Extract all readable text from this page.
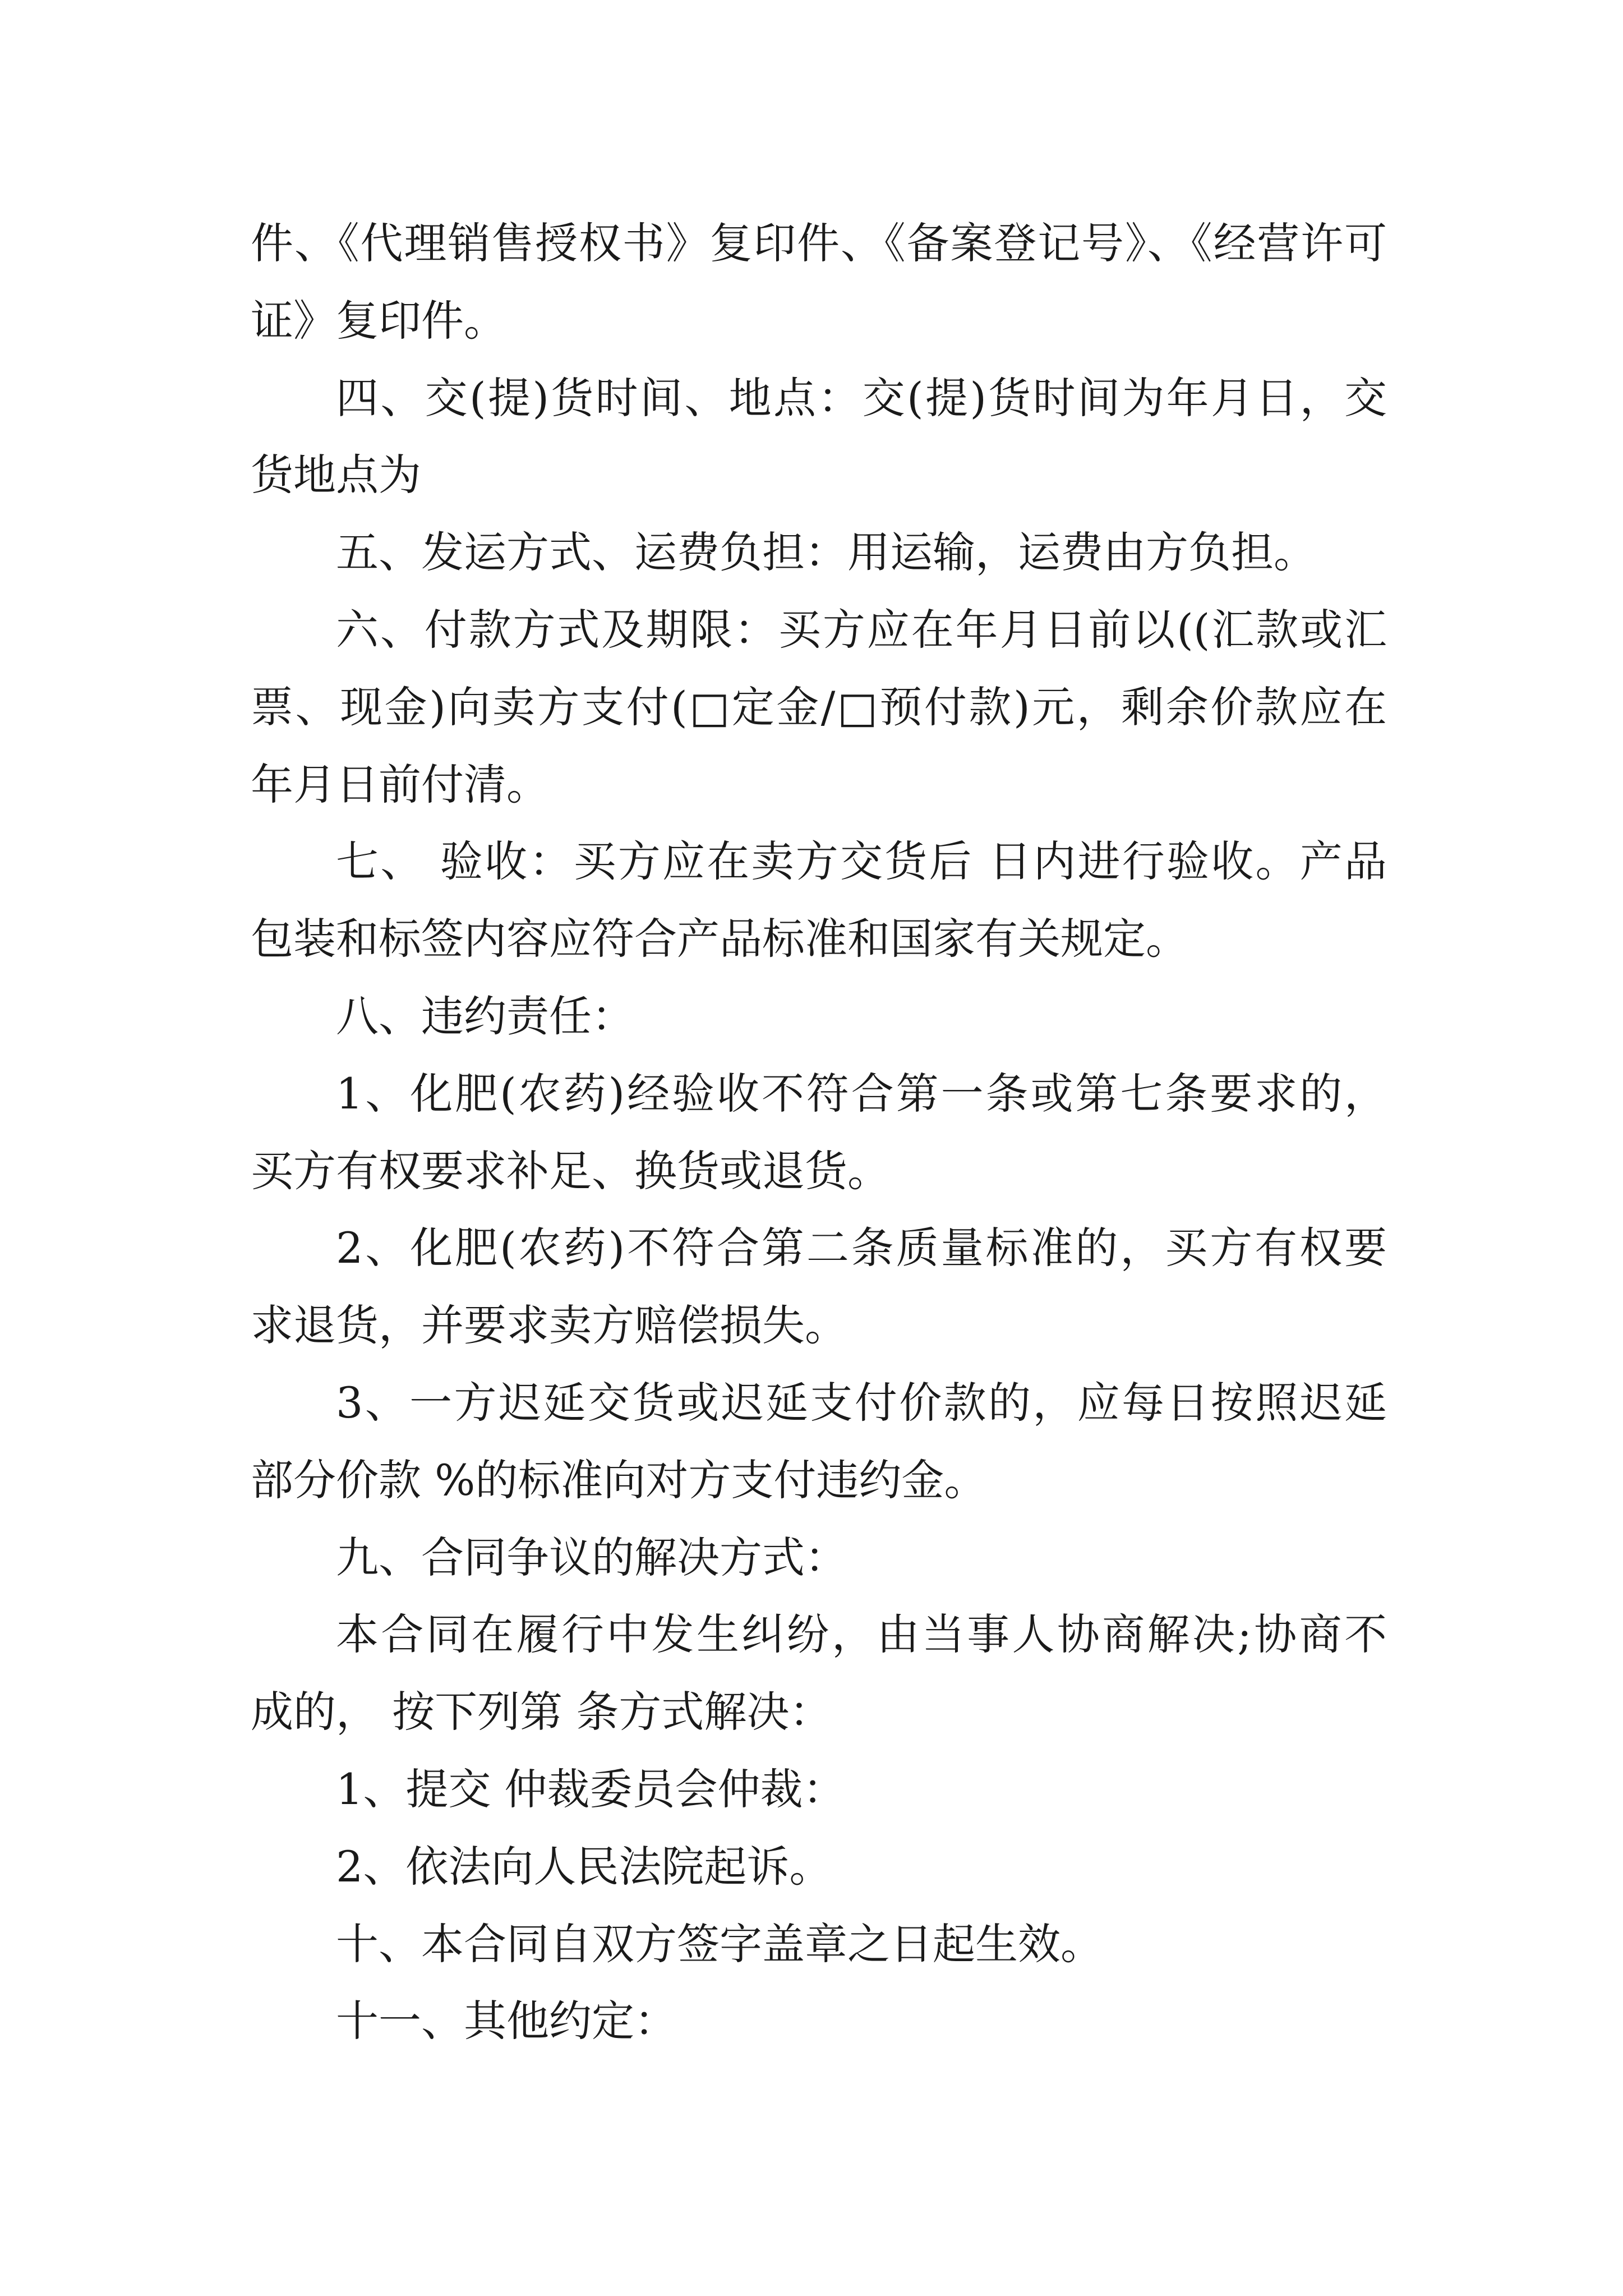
件、《代理销售授权书》复印件、《备案登记号》、《经营许可
证》复印件。
四、交(提)货时间、地点：交(提)货时间为年月日，交
货地点为
五、发运方式、运费负担：用运输，运费由方负担。
六、付款方式及期限：买方应在年月日前以((汇款或汇
票、现金)向卖方支付(□定金/□预付款)元，剩余价款应在
年月日前付清。
七、 验收：买方应在卖方交货后 日内进行验收。产品
包装和标签内容应符合产品标准和国家有关规定。
八、违约责任：
1、化肥(农药)经验收不符合第一条或第七条要求的，
买方有权要求补足、换货或退货。
2、化肥(农药)不符合第二条质量标准的，买方有权要
求退货，并要求卖方赔偿损失。
3、一方迟延交货或迟延支付价款的，应每日按照迟延
部分价款 %的标准向对方支付违约金。
九、合同争议的解决方式：
本合同在履行中发生纠纷，由当事人协商解决;协商不
成的， 按下列第 条方式解决：
1、提交 仲裁委员会仲裁：
2、依法向人民法院起诉。
十、本合同自双方签字盖章之日起生效。
十一、其他约定：
